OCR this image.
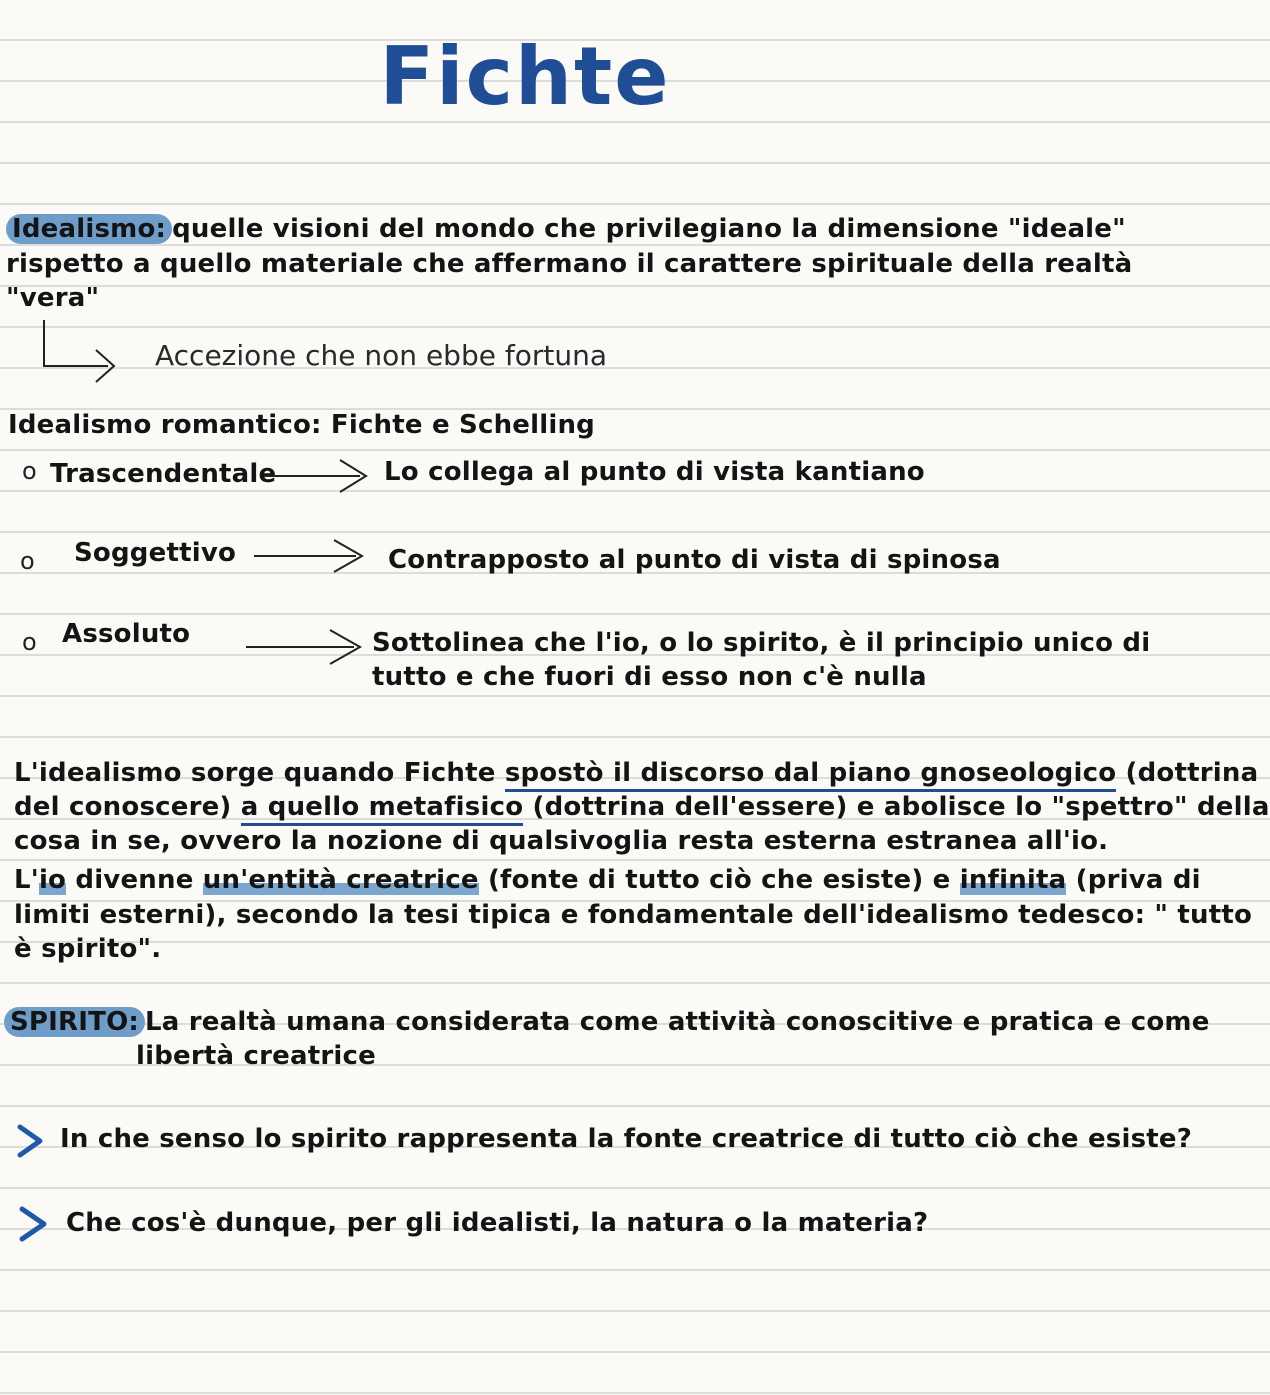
Fichte
Idealismo: quelle visioni del mondo che privilegiano la dimensione "ideale"
rispetto a quello materiale che affermano il carattere spirituale della realtà
"vera"
Accezione che non ebbe fortuna
Idealismo romantico: Fichte e Schelling
o Trascendentale	Lo collega al punto di vista kantiano
o Soggettivo	Contrapposto al punto di vista di spinosa
o Assoluto	Sottolinea che l'io, o lo spirito, è il principio unico di
tutto e che fuori di esso non c'è nulla
L'idealismo sorge quando Fichte spostò il discorso dal piano gnoseologico (dottrina
del conoscere) a quello metafisico (dottrina dell'essere) e abolisce lo "spettro" della
cosa in se, ovvero la nozione di qualsivoglia resta esterna estranea all'io.
L'io divenne un'entità creatrice (fonte di tutto ciò che esiste) e infinita (priva di
limiti esterni), secondo la tesi tipica e fondamentale dell'idealismo tedesco: " tutto
è spirito".
SPIRITO: La realtà umana considerata come attività conoscitive e pratica e come
libertà creatrice
In che senso lo spirito rappresenta la fonte creatrice di tutto ciò che esiste?
Che cos'è dunque, per gli idealisti, la natura o la materia?
